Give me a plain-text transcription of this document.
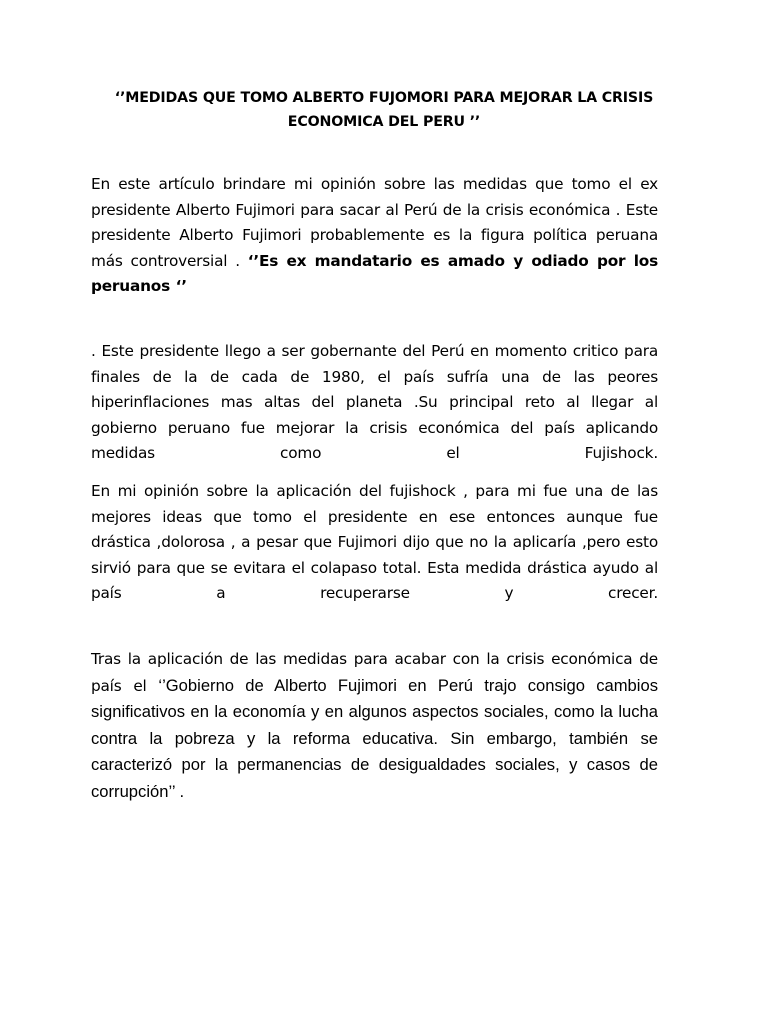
‘’MEDIDAS QUE TOMO ALBERTO FUJOMORI PARA MEJORAR LA CRISIS
ECONOMICA DEL PERU ’’
En este artículo brindare mi opinión sobre las medidas que tomo el ex presidente Alberto Fujimori para sacar al Perú de la crisis económica . Este presidente Alberto Fujimori probablemente es la figura política peruana más controversial . ‘’Es ex mandatario es amado y odiado por los peruanos ‘’
. Este presidente llego a ser gobernante del Perú en momento critico para finales de la de cada de 1980, el país sufría una de las peores hiperinflaciones mas altas del planeta .Su principal reto al llegar al gobierno peruano fue mejorar la crisis económica del país aplicando medidas como el Fujishock.
En mi opinión sobre la aplicación del fujishock , para mi fue una de las mejores ideas que tomo el presidente en ese entonces aunque fue drástica ,dolorosa , a pesar que Fujimori dijo que no la aplicaría ,pero esto sirvió para que se evitara el colapaso total. Esta medida drástica ayudo al país a recuperarse y crecer.
Tras la aplicación de las medidas para acabar con la crisis económica de país el ‘’Gobierno de Alberto Fujimori en Perú trajo consigo cambios significativos en la economía y en algunos aspectos sociales, como la lucha contra la pobreza y la reforma educativa. Sin embargo, también se caracterizó por la permanencias de desigualdades sociales, y casos de corrupción’’ .
